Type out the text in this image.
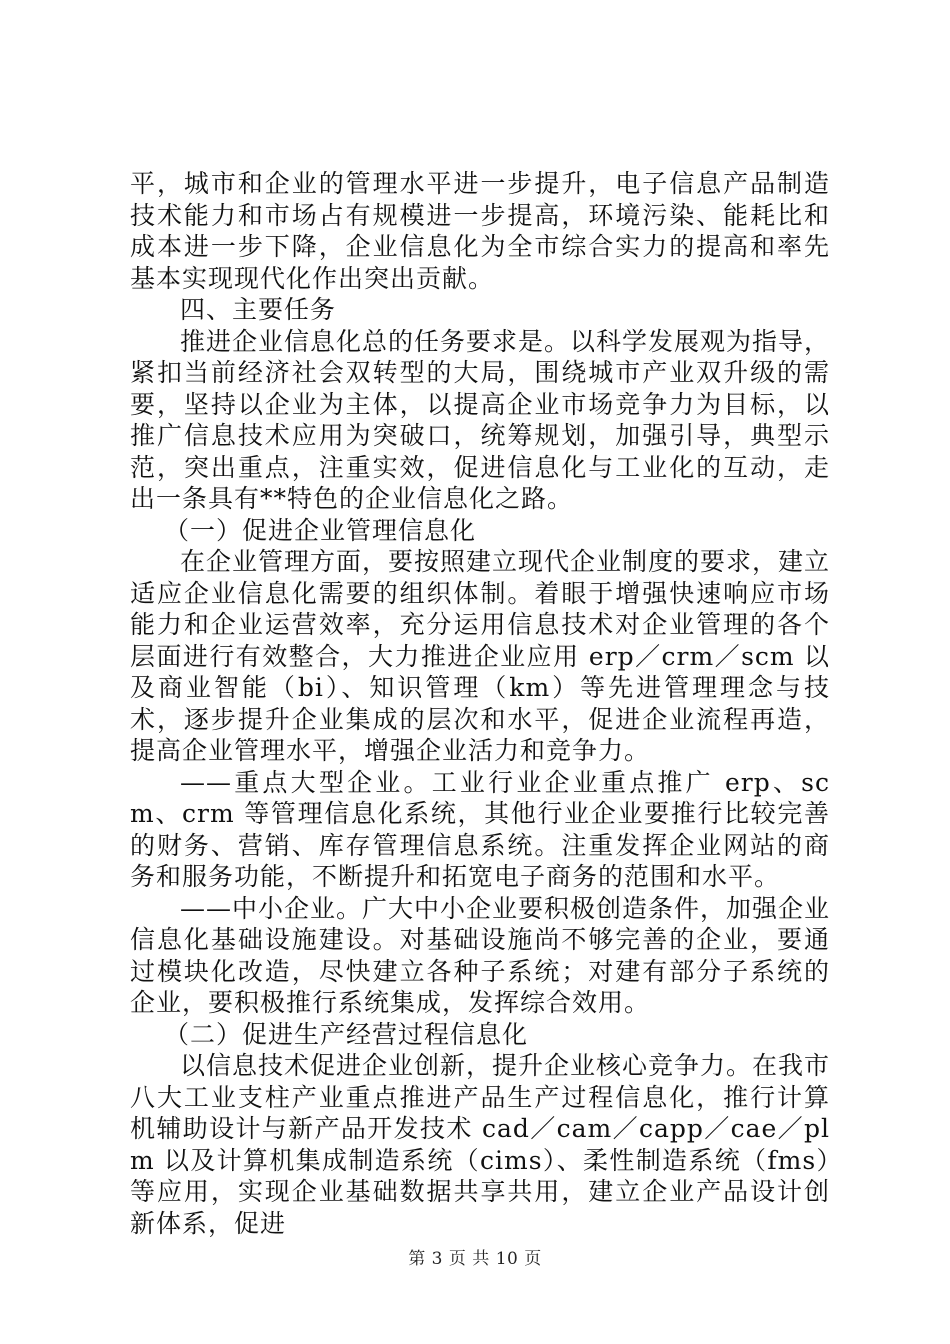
平，城市和企业的管理水平进一步提升，电子信息产品制造技术能力和市场占有规模进一步提高，环境污染、能耗比和成本进一步下降，企业信息化为全市综合实力的提高和率先基本实现现代化作出突出贡献。

四、主要任务

推进企业信息化总的任务要求是。以科学发展观为指导，紧扣当前经济社会双转型的大局，围绕城市产业双升级的需要，坚持以企业为主体，以提高企业市场竞争力为目标，以推广信息技术应用为突破口，统筹规划，加强引导，典型示范，突出重点，注重实效，促进信息化与工业化的互动，走出一条具有**特色的企业信息化之路。

（一）促进企业管理信息化

在企业管理方面，要按照建立现代企业制度的要求，建立适应企业信息化需要的组织体制。着眼于增强快速响应市场能力和企业运营效率，充分运用信息技术对企业管理的各个层面进行有效整合，大力推进企业应用 erp／crm／scm 以及商业智能（bi）、知识管理（km）等先进管理理念与技术，逐步提升企业集成的层次和水平，促进企业流程再造，提高企业管理水平，增强企业活力和竞争力。

——重点大型企业。工业行业企业重点推广 erp、scm、crm 等管理信息化系统，其他行业企业要推行比较完善的财务、营销、库存管理信息系统。注重发挥企业网站的商务和服务功能，不断提升和拓宽电子商务的范围和水平。

——中小企业。广大中小企业要积极创造条件，加强企业信息化基础设施建设。对基础设施尚不够完善的企业，要通过模块化改造，尽快建立各种子系统；对建有部分子系统的企业，要积极推行系统集成，发挥综合效用。

（二）促进生产经营过程信息化

以信息技术促进企业创新，提升企业核心竞争力。在我市八大工业支柱产业重点推进产品生产过程信息化，推行计算机辅助设计与新产品开发技术 cad／cam／capp／cae／plm 以及计算机集成制造系统（cims）、柔性制造系统（fms）等应用，实现企业基础数据共享共用，建立企业产品设计创新体系，促进

第 3 页 共 10 页
